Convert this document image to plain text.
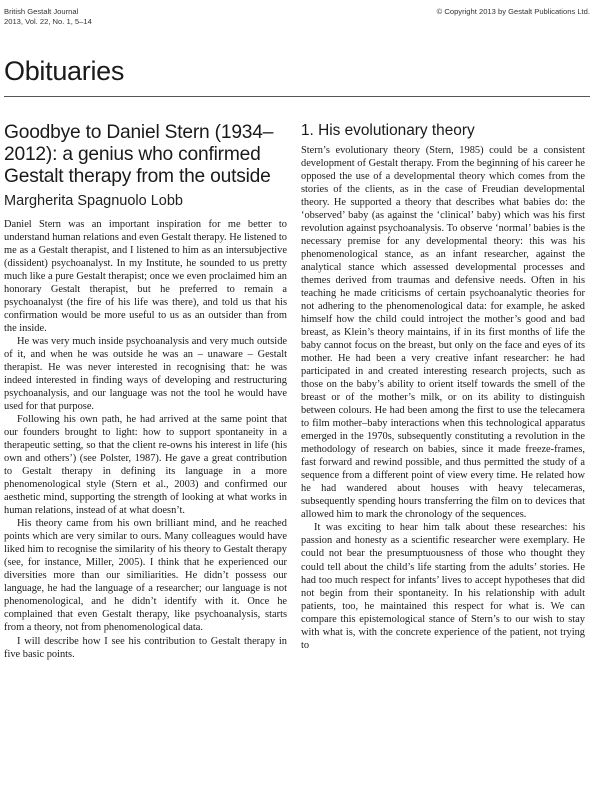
British Gestalt Journal
2013, Vol. 22, No. 1, 5–14
© Copyright 2013 by Gestalt Publications Ltd.
Obituaries
Goodbye to Daniel Stern (1934–2012): a genius who confirmed Gestalt therapy from the outside
Margherita Spagnuolo Lobb

Daniel Stern was an important inspiration for me better to understand human relations and even Gestalt therapy. He listened to me as a Gestalt therapist, and I listened to him as an intersubjective (dissident) psychoanalyst. In my Institute, he sounded to us pretty much like a pure Gestalt therapist; once we even proclaimed him an honorary Gestalt therapist, but he preferred to remain a psychoanalyst (the fire of his life was there), and told us that his confirmation would be more useful to us as an outsider than from the inside.

He was very much inside psychoanalysis and very much outside of it, and when he was outside he was an – unaware – Gestalt therapist. He was never interested in recognising that: he was indeed interested in finding ways of developing and restructuring psychoanalysis, and our language was not the tool he would have used for that purpose.

Following his own path, he had arrived at the same point that our founders brought to light: how to support spontaneity in a therapeutic setting, so that the client re-owns his interest in life (his own and others’) (see Polster, 1987). He gave a great contribution to Gestalt therapy in defining its language in a more phenomenological style (Stern et al., 2003) and confirmed our aesthetic mind, supporting the strength of looking at what works in human relations, instead of at what doesn’t.

His theory came from his own brilliant mind, and he reached points which are very similar to ours. Many colleagues would have liked him to recognise the similarity of his theory to Gestalt therapy (see, for instance, Miller, 2005). I think that he experienced our diversities more than our similiarities. He didn’t possess our language, he had the language of a researcher; our language is not phenomenological, and he didn’t identify with it. Once he complained that even Gestalt therapy, like psychoanalysis, starts from a theory, not from phenomenological data.

I will describe how I see his contribution to Gestalt therapy in five basic points.

1. His evolutionary theory

Stern’s evolutionary theory (Stern, 1985) could be a consistent development of Gestalt therapy. From the beginning of his career he opposed the use of a developmental theory which comes from the stories of the clients, as in the case of Freudian developmental theory. He supported a theory that describes what babies do: the ‘observed’ baby (as against the ‘clinical’ baby) which was his first revolution against psychoanalysis. To observe ‘normal’ babies is the necessary premise for any developmental theory: this was his phenomenological stance, as an infant researcher, against the analytical stance which assessed developmental processes and themes derived from traumas and defensive needs. Often in his teaching he made criticisms of certain psychoanalytic theories for not adhering to the phenomenological data: for example, he asked himself how the child could introject the mother’s good and bad breast, as Klein’s theory maintains, if in its first months of life the baby cannot focus on the breast, but only on the face and eyes of its mother. He had been a very creative infant researcher: he had participated in and created interesting research projects, such as those on the baby’s ability to orient itself towards the smell of the breast or of the mother’s milk, or on its ability to distinguish between colours. He had been among the first to use the telecamera to film mother–baby interactions when this technological apparatus emerged in the 1970s, subsequently constituting a revolution in the methodology of research on babies, since it made freeze-frames, fast forward and rewind possible, and thus permitted the study of a sequence from a different point of view every time. He related how he had wandered about houses with heavy telecameras, subsequently spending hours transferring the film on to devices that allowed him to mark the chronology of the sequences.

It was exciting to hear him talk about these researches: his passion and honesty as a scientific researcher were exemplary. He could not bear the presumptuousness of those who thought they could tell about the child’s life starting from the adults’ stories. He had too much respect for infants’ lives to accept hypotheses that did not begin from their spontaneity. In his relationship with adult patients, too, he maintained this respect for what is. We can compare this epistemological stance of Stern’s to our wish to stay with what is, with the concrete experience of the patient, not trying to
